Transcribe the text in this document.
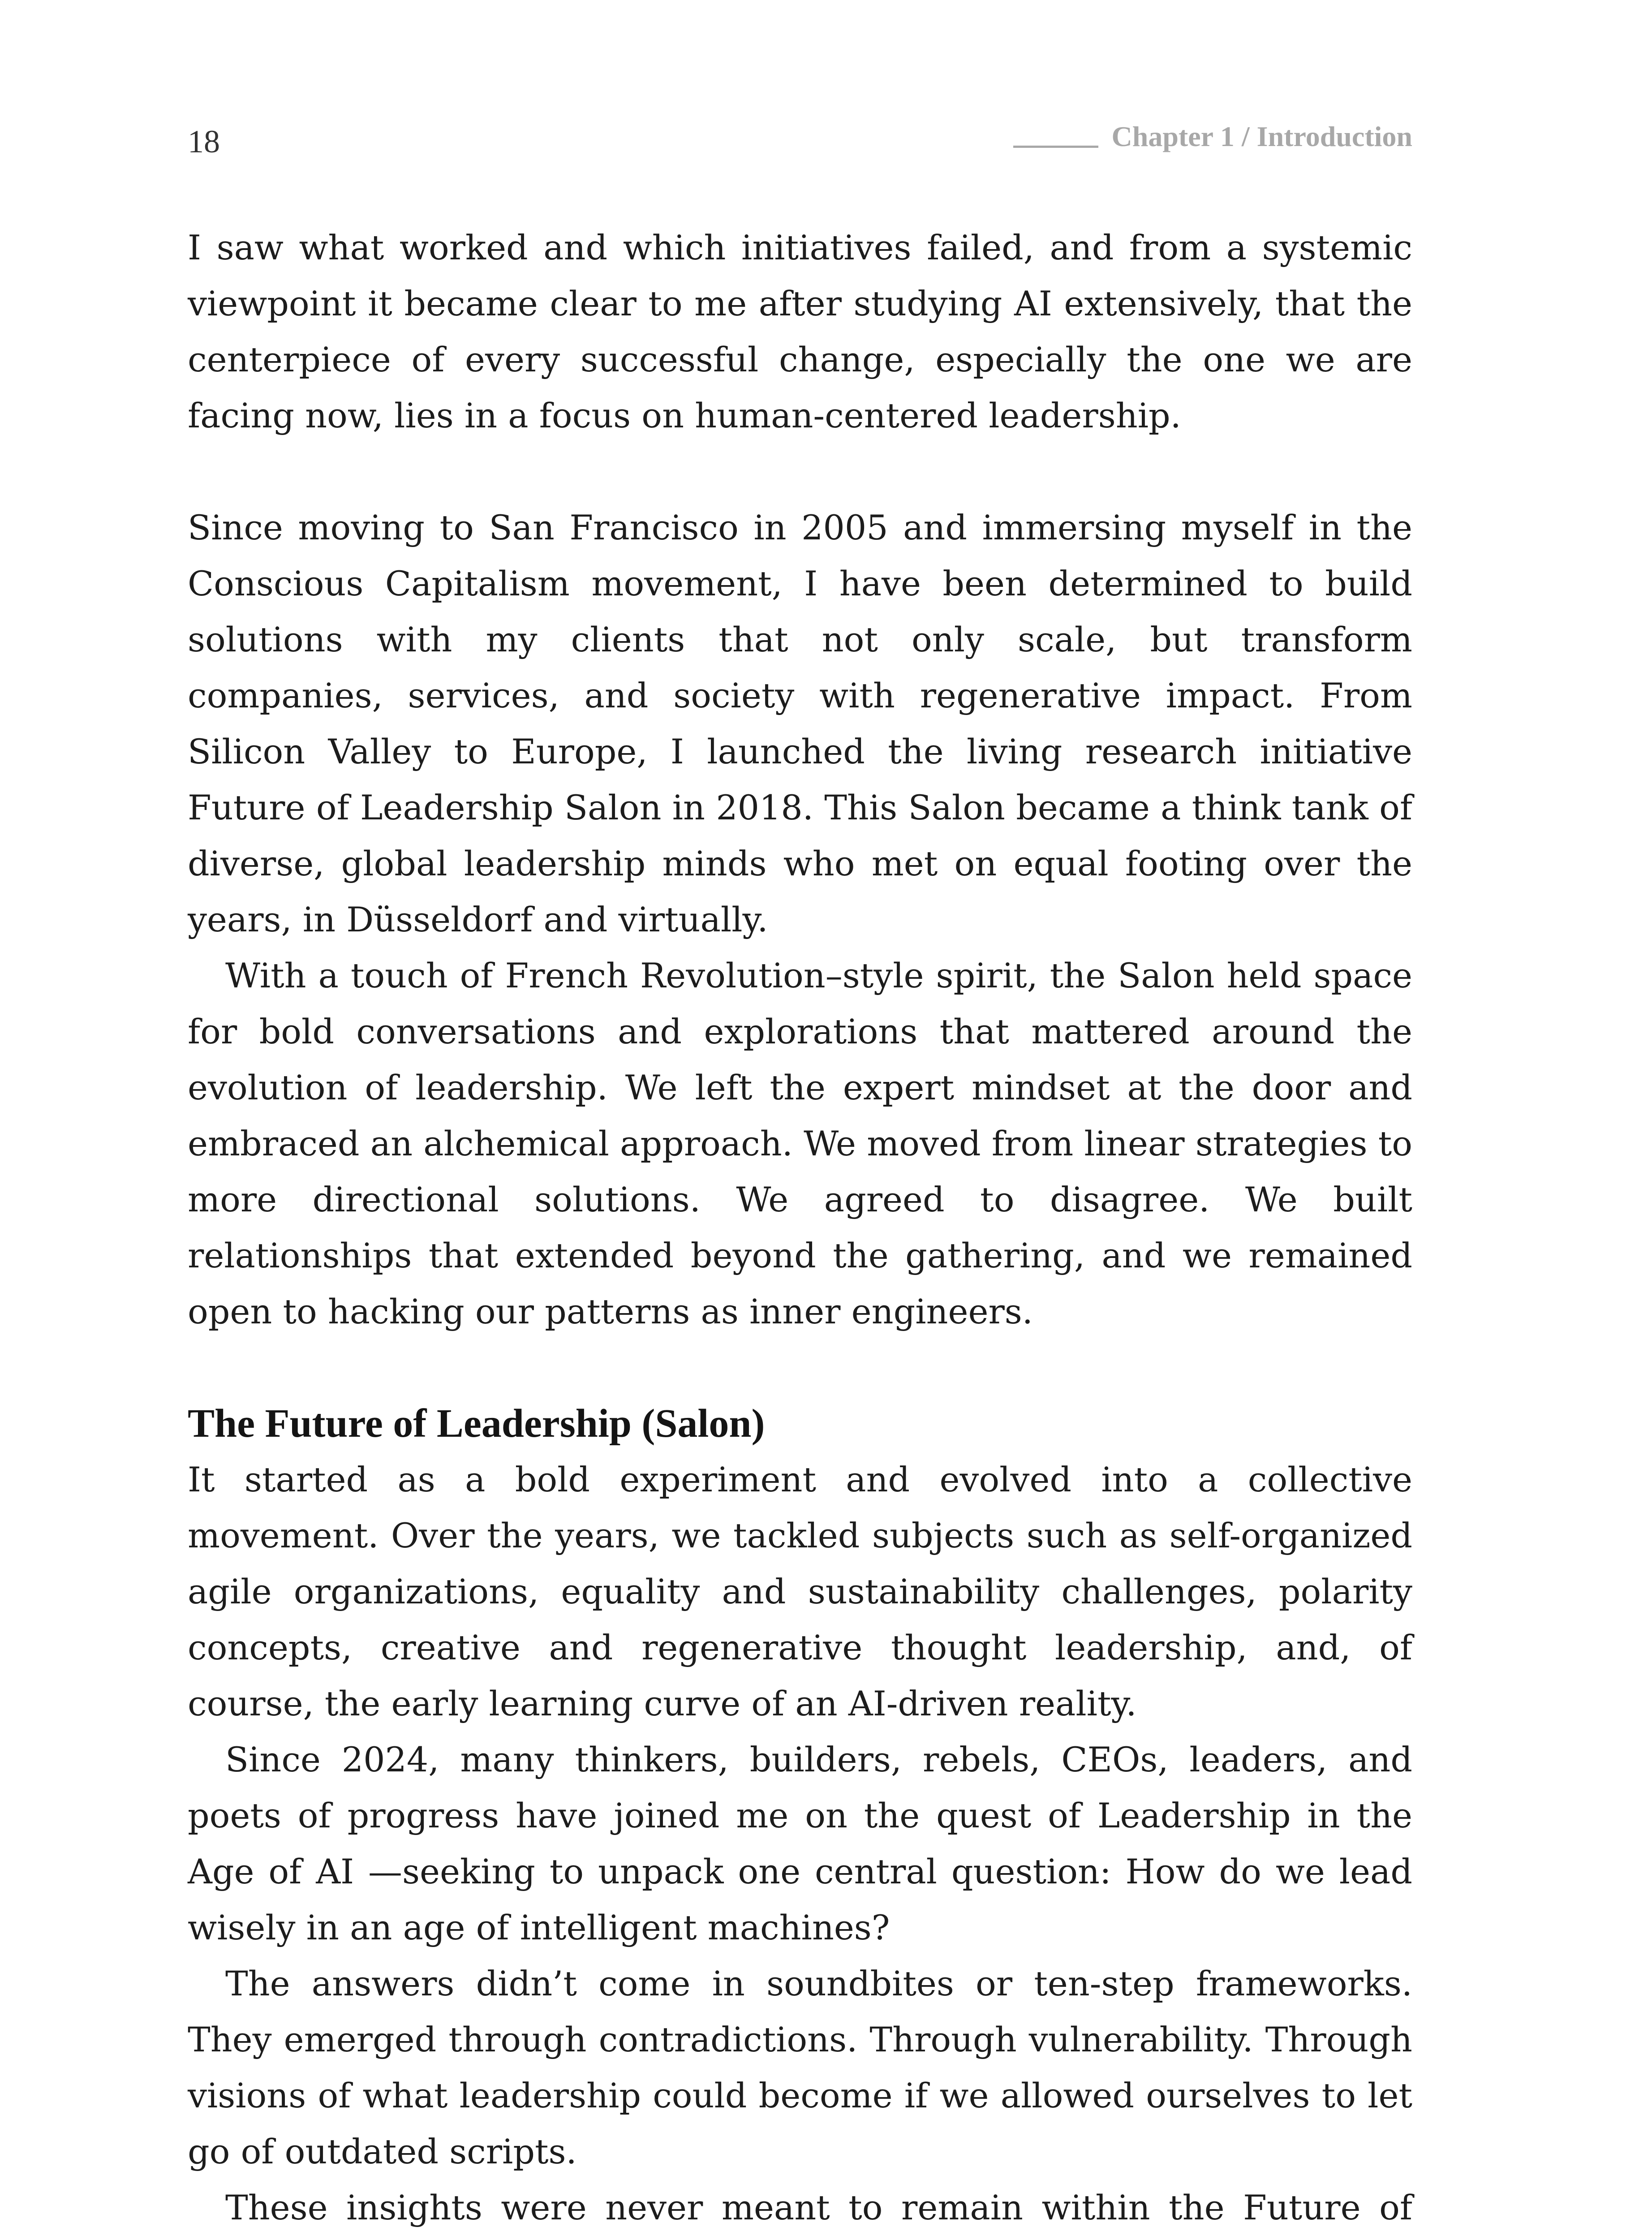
18	Chapter 1 / Introduction

I saw what worked and which initiatives failed, and from a systemic viewpoint it became clear to me after studying AI extensively, that the centerpiece of every successful change, especially the one we are facing now, lies in a focus on human-centered leadership.

Since moving to San Francisco in 2005 and immersing myself in the Conscious Capitalism movement, I have been determined to build solutions with my clients that not only scale, but transform companies, services, and society with regenerative impact. From Silicon Valley to Europe, I launched the living research initiative Future of Leadership Salon in 2018. This Salon became a think tank of diverse, global leadership minds who met on equal footing over the years, in Düsseldorf and virtually.

With a touch of French Revolution–style spirit, the Salon held space for bold conversations and explorations that mattered around the evolution of leadership. We left the expert mindset at the door and embraced an alchemical approach. We moved from linear strategies to more directional solutions. We agreed to disagree. We built relationships that extended beyond the gathering, and we remained open to hacking our patterns as inner engineers.

The Future of Leadership (Salon)

It started as a bold experiment and evolved into a collective movement. Over the years, we tackled subjects such as self-organized agile organizations, equality and sustainability challenges, polarity concepts, creative and regenerative thought leadership, and, of course, the early learning curve of an AI-driven reality.

Since 2024, many thinkers, builders, rebels, CEOs, leaders, and poets of progress have joined me on the quest of Leadership in the Age of AI —seeking to unpack one central question: How do we lead wisely in an age of intelligent machines?

The answers didn’t come in soundbites or ten-step frameworks. They emerged through contradictions. Through vulnerability. Through visions of what leadership could become if we allowed ourselves to let go of outdated scripts.

These insights were never meant to remain within the Future of
